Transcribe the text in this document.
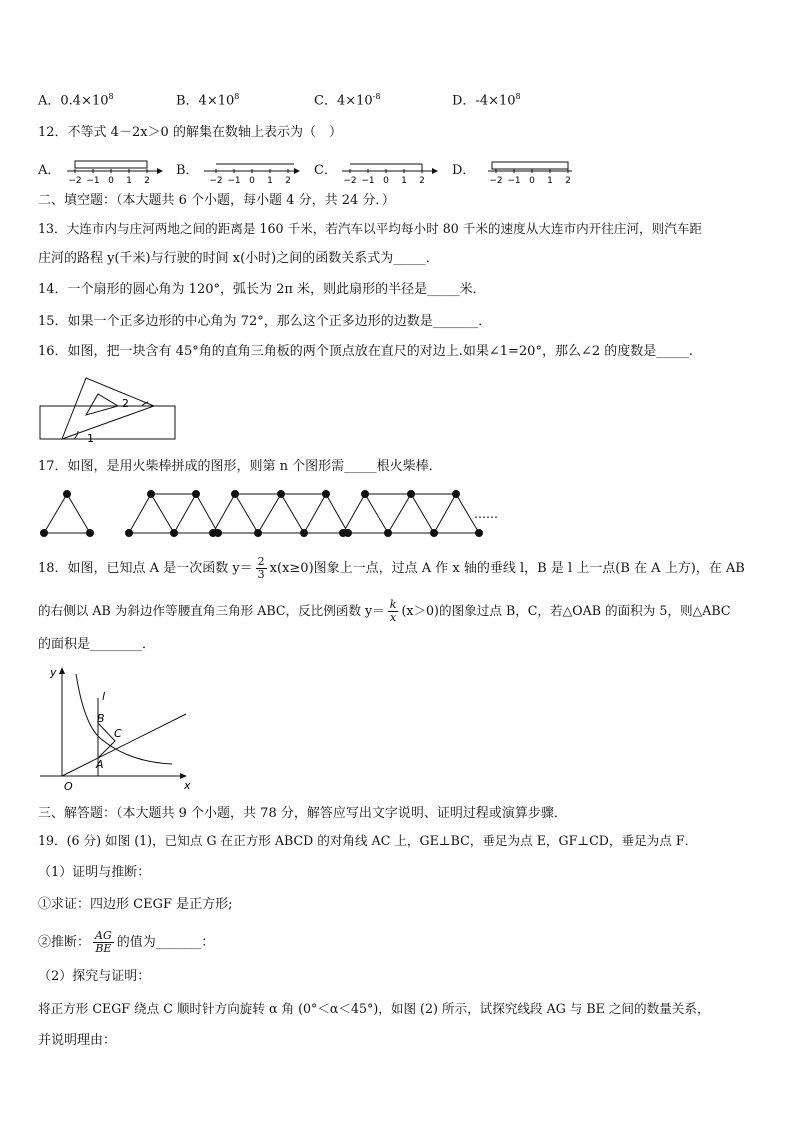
A．$0.4\times 10^8$	B．$4\times 10^8$	C．$4\times 10^{-8}$	D．$-4\times 10^8$
12．不等式 4－2x＞0 的解集在数轴上表示为（　）
A．	B．	C．	D．
−2 −1 0 1 2	−2 −1 0 1 2	−2 −1 0 1 2	−2 −1 0 1 2
二、填空题：（本大题共 6 个小题，每小题 4 分，共 24 分．）
13．大连市内与庄河两地之间的距离是 160 千米，若汽车以平均每小时 80 千米的速度从大连市内开往庄河，则汽车距
庄河的路程 y(千米)与行驶的时间 x(小时)之间的函数关系式为_____．
14．一个扇形的圆心角为 120°，弧长为 2π 米，则此扇形的半径是_____米．
15．如果一个正多边形的中心角为 72°，那么这个正多边形的边数是_______．
16．如图，把一块含有 45°角的直角三角板的两个顶点放在直尺的对边上.如果∠1=20°，那么∠2 的度数是_____.
2
1
17．如图，是用火柴棒拼成的图形，则第 n 个图形需_____根火柴棒．
……
18．如图，已知点 A 是一次函数 $y= \frac{2}{3} x(x\ge 0)$图象上一点，过点 A 作 x 轴的垂线 l，B 是 l 上一点(B 在 A 上方)，在 AB
的右侧以 AB 为斜边作等腰直角三角形 ABC，反比例函数 $y= \frac{k}{x} (x>0)$的图象过点 B，C，若△OAB 的面积为 5，则△ABC
的面积是________．
y
x
O
l
B
C
A
三、解答题：（本大题共 9 个小题，共 78 分，解答应写出文字说明、证明过程或演算步骤．
19．(6 分) 如图 (1)，已知点 G 在正方形 ABCD 的对角线 AC 上，GE⊥BC，垂足为点 E，GF⊥CD，垂足为点 F．
（1）证明与推断：
①求证：四边形 CEGF 是正方形;
②推断： $\frac{AG}{BE}$ 的值为_______：
（2）探究与证明：
将正方形 CEGF 绕点 C 顺时针方向旋转 α 角 (0°＜α＜45°)，如图 (2) 所示，试探究线段 AG 与 BE 之间的数量关系，
并说明理由：
